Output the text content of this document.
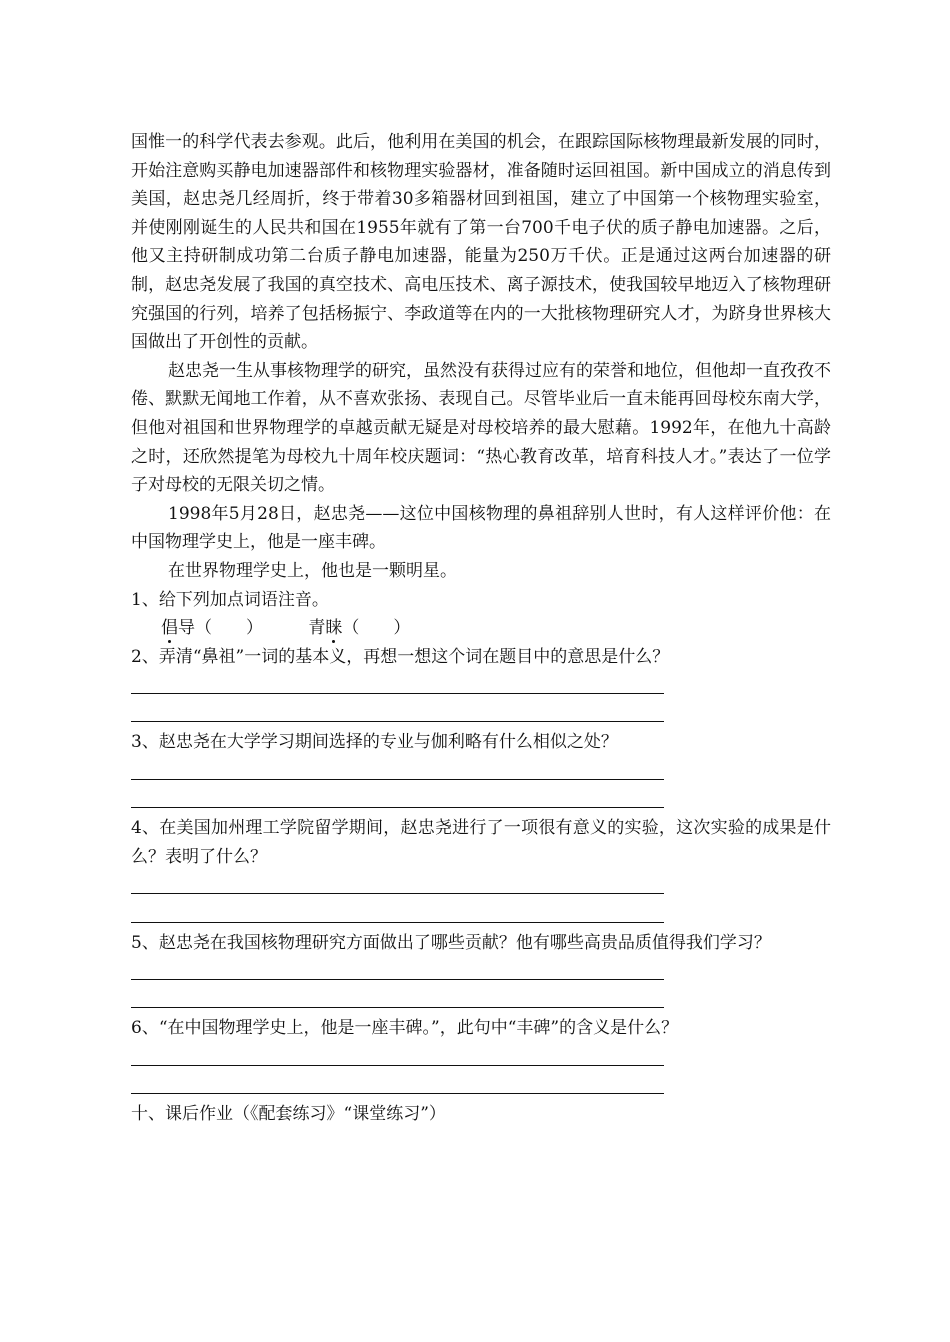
国惟一的科学代表去参观。此后，他利用在美国的机会，在跟踪国际核物理最新发展的同时，开始注意购买静电加速器部件和核物理实验器材，准备随时运回祖国。新中国成立的消息传到美国，赵忠尧几经周折，终于带着30多箱器材回到祖国，建立了中国第一个核物理实验室，并使刚刚诞生的人民共和国在1955年就有了第一台700千电子伏的质子静电加速器。之后，他又主持研制成功第二台质子静电加速器，能量为250万千伏。正是通过这两台加速器的研制，赵忠尧发展了我国的真空技术、高电压技术、离子源技术，使我国较早地迈入了核物理研究强国的行列，培养了包括杨振宁、李政道等在内的一大批核物理研究人才，为跻身世界核大国做出了开创性的贡献。

赵忠尧一生从事核物理学的研究，虽然没有获得过应有的荣誉和地位，但他却一直孜孜不倦、默默无闻地工作着，从不喜欢张扬、表现自己。尽管毕业后一直未能再回母校东南大学，但他对祖国和世界物理学的卓越贡献无疑是对母校培养的最大慰藉。1992年，在他九十高龄之时，还欣然提笔为母校九十周年校庆题词：“热心教育改革，培育科技人才。”表达了一位学子对母校的无限关切之情。

1998年5月28日，赵忠尧——这位中国核物理的鼻祖辞别人世时，有人这样评价他：在中国物理学史上，他是一座丰碑。

在世界物理学史上，他也是一颗明星。

1、给下列加点词语注音。

倡导（　　）	青睐（　　）

2、弄清“鼻祖”一词的基本义，再想一想这个词在题目中的意思是什么？

3、赵忠尧在大学学习期间选择的专业与伽利略有什么相似之处？

4、在美国加州理工学院留学期间，赵忠尧进行了一项很有意义的实验，这次实验的成果是什么？表明了什么？

5、赵忠尧在我国核物理研究方面做出了哪些贡献？他有哪些高贵品质值得我们学习？

6、“在中国物理学史上，他是一座丰碑。”，此句中“丰碑”的含义是什么？

十、课后作业（《配套练习》“课堂练习”）
